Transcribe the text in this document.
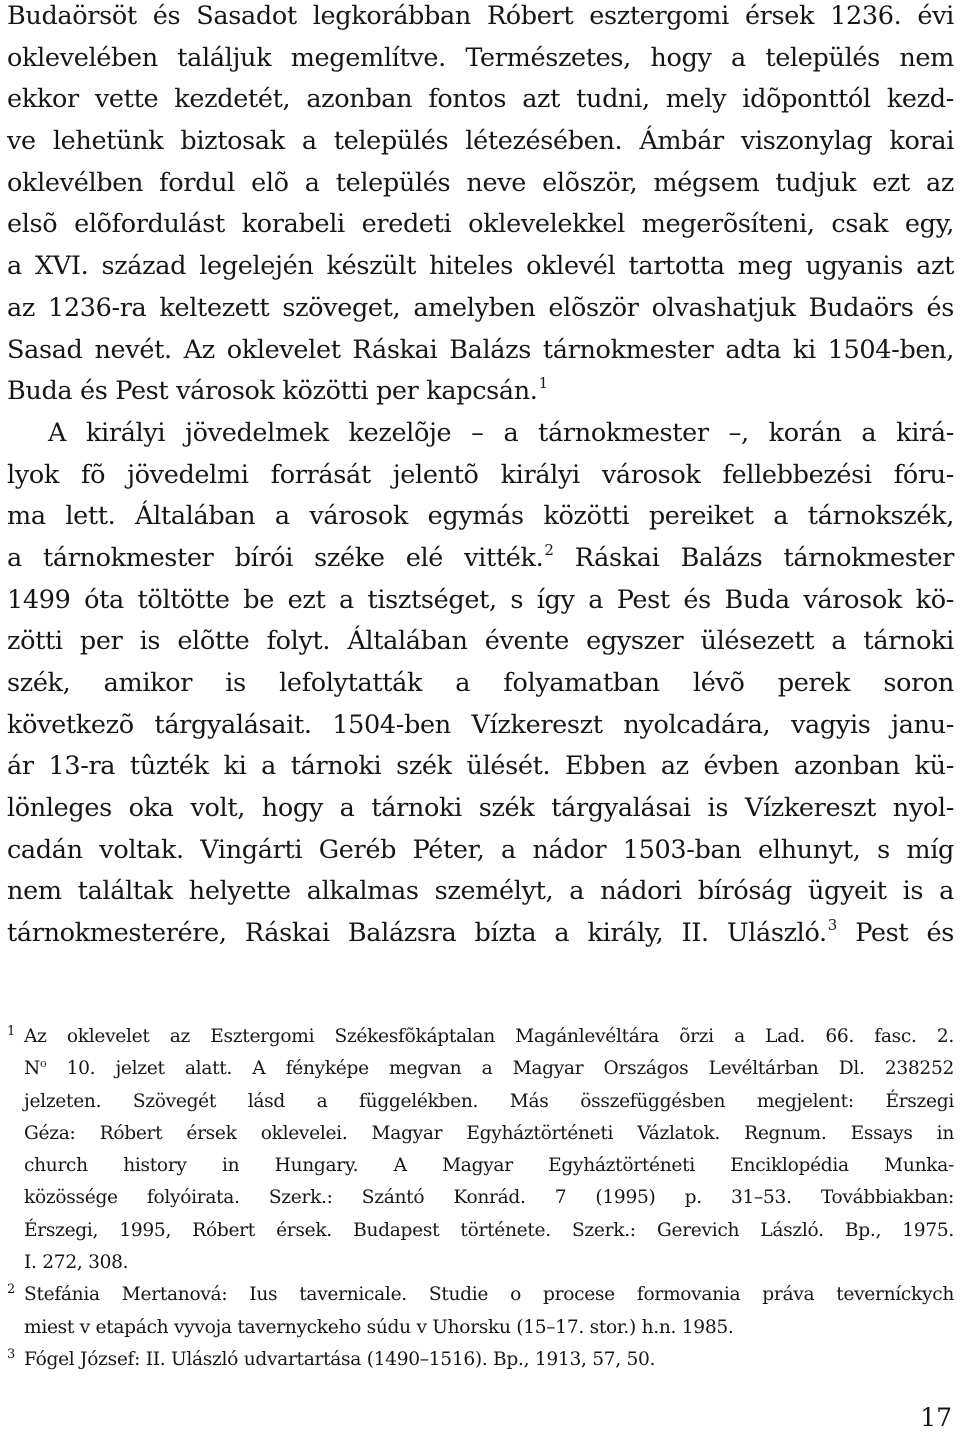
Budaörsöt és Sasadot legkorábban Róbert esztergomi érsek 1236. évi
oklevelében találjuk megemlítve. Természetes, hogy a település nem
ekkor vette kezdetét, azonban fontos azt tudni, mely idõponttól kezd-
ve lehetünk biztosak a település létezésében. Ámbár viszonylag korai
oklevélben fordul elõ a település neve elõször, mégsem tudjuk ezt az
elsõ elõfordulást korabeli eredeti oklevelekkel megerõsíteni, csak egy,
a XVI. század legelején készült hiteles oklevél tartotta meg ugyanis azt
az 1236-ra keltezett szöveget, amelyben elõször olvashatjuk Budaörs és
Sasad nevét. Az oklevelet Ráskai Balázs tárnokmester adta ki 1504-ben,
Buda és Pest városok közötti per kapcsán.$^1$
A királyi jövedelmek kezelõje – a tárnokmester –, korán a kirá-
lyok fõ jövedelmi forrását jelentõ királyi városok fellebbezési fóru-
ma lett. Általában a városok egymás közötti pereiket a tárnokszék,
a tárnokmester bírói széke elé vitték.$^2$ Ráskai Balázs tárnokmester
1499 óta töltötte be ezt a tisztséget, s így a Pest és Buda városok kö-
zötti per is elõtte folyt. Általában évente egyszer ülésezett a tárnoki
szék, amikor is lefolytatták a folyamatban lévõ perek soron
következõ tárgyalásait. 1504-ben Vízkereszt nyolcadára, vagyis janu-
ár 13-ra tûzték ki a tárnoki szék ülését. Ebben az évben azonban kü-
lönleges oka volt, hogy a tárnoki szék tárgyalásai is Vízkereszt nyol-
cadán voltak. Vingárti Geréb Péter, a nádor 1503-ban elhunyt, s míg
nem találtak helyette alkalmas személyt, a nádori bíróság ügyeit is a
tárnokmesterére, Ráskai Balázsra bízta a király, II. Ulászló.$^3$ Pest és
1 Az oklevelet az Esztergomi Székesfõkáptalan Magánlevéltára õrzi a Lad. 66. fasc. 2.
$N^o$ 10. jelzet alatt. A fényképe megvan a Magyar Országos Levéltárban Dl. 238252
jelzeten. Szövegét lásd a függelékben. Más összefüggésben megjelent: Érszegi
Géza: Róbert érsek oklevelei. Magyar Egyháztörténeti Vázlatok. Regnum. Essays in
church history in Hungary. A Magyar Egyháztörténeti Enciklopédia Munka-
közössége folyóirata. Szerk.: Szántó Konrád. 7 (1995) p. 31–53. Továbbiakban:
Érszegi, 1995, Róbert érsek. Budapest története. Szerk.: Gerevich László. Bp., 1975.
I. 272, 308.
2 Stefánia Mertanová: Ius tavernicale. Studie o procese formovania práva teverníckych
miest v etapách vyvoja tavernyckeho súdu v Uhorsku (15–17. stor.) h.n. 1985.
3 Fógel József: II. Ulászló udvartartása (1490–1516). Bp., 1913, 57, 50.
17
